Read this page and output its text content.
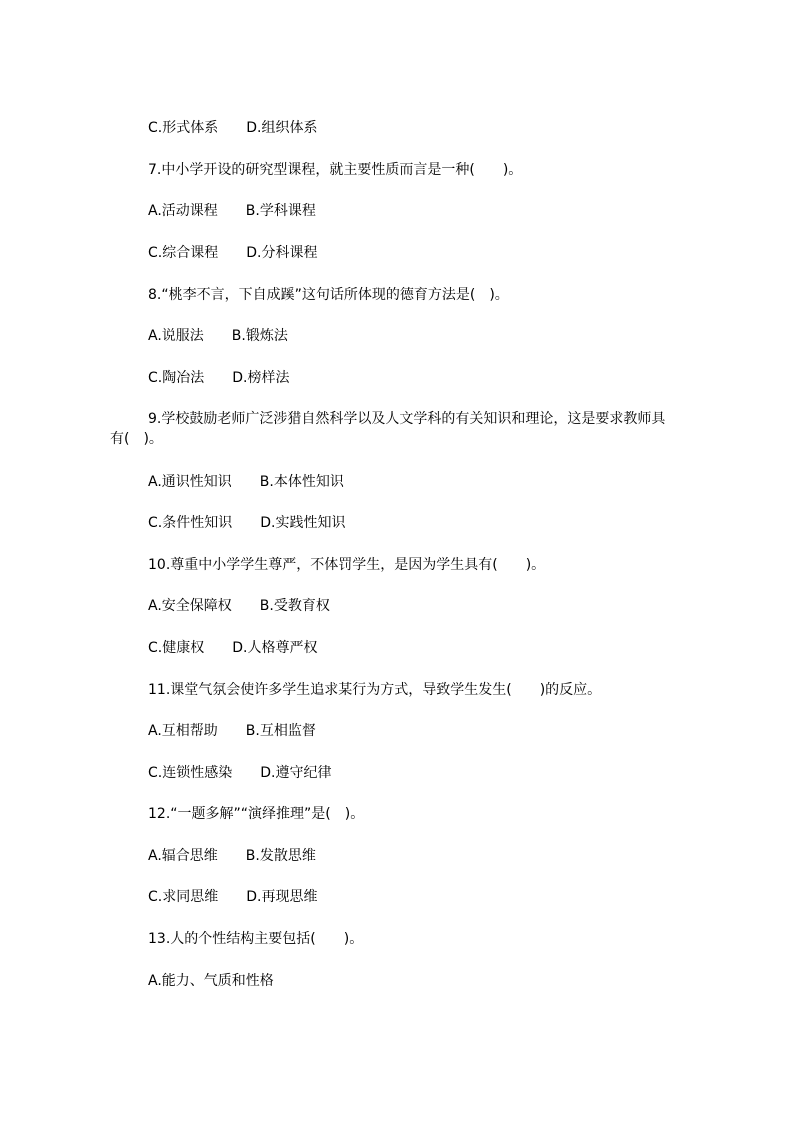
C.形式体系　　D.组织体系
7.中小学开设的研究型课程，就主要性质而言是一种(　　)。
A.活动课程　　B.学科课程
C.综合课程　　D.分科课程
8.“桃李不言，下自成蹊”这句话所体现的德育方法是(　)。
A.说服法　　B.锻炼法
C.陶冶法　　D.榜样法
9.学校鼓励老师广泛涉猎自然科学以及人文学科的有关知识和理论，这是要求教师具有(　)。
A.通识性知识　　B.本体性知识
C.条件性知识　　D.实践性知识
10.尊重中小学学生尊严，不体罚学生，是因为学生具有(　　)。
A.安全保障权　　B.受教育权
C.健康权　　D.人格尊严权
11.课堂气氛会使许多学生追求某行为方式，导致学生发生(　　)的反应。
A.互相帮助　　B.互相监督
C.连锁性感染　　D.遵守纪律
12.“一题多解”“演绎推理”是(　)。
A.辐合思维　　B.发散思维
C.求同思维　　D.再现思维
13.人的个性结构主要包括(　　)。
A.能力、气质和性格
